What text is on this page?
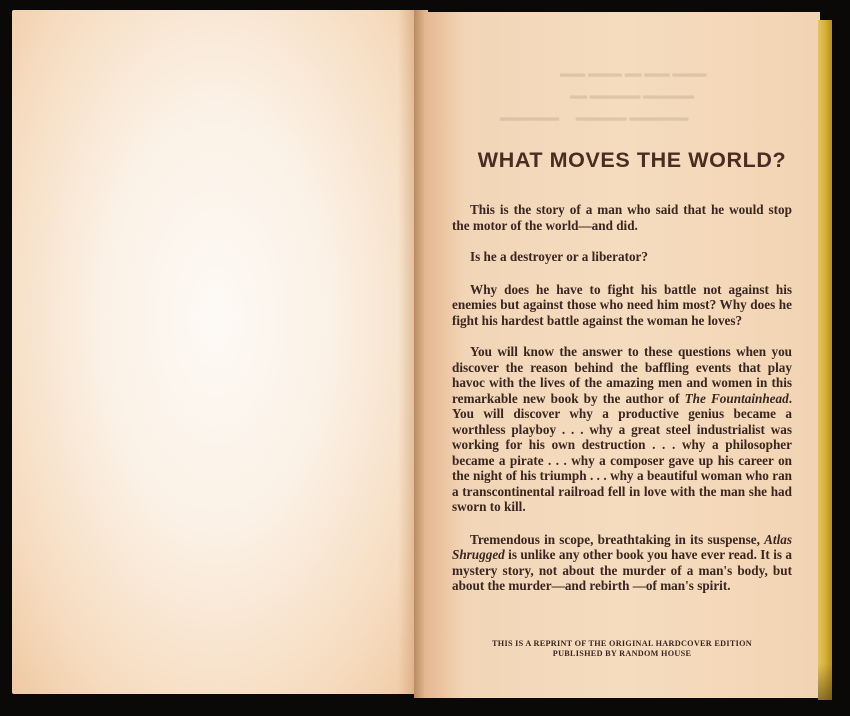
▂▂▂ ▂▂▂▂ ▂▂ ▂▂▂ ▂▂▂▂
▂▂ ▂▂▂▂▂▂ ▂▂▂▂▂▂
▂▂▂▂▂▂▂      ▂▂▂▂▂▂ ▂▂▂▂▂▂▂
WHAT MOVES THE WORLD?

This is the story of a man who said that he would stop the motor of the world—and did.

Is he a destroyer or a liberator?

Why does he have to fight his battle not against his enemies but against those who need him most? Why does he fight his hardest battle against the woman he loves?

You will know the answer to these questions when you discover the reason behind the baffling events that play havoc with the lives of the amazing men and women in this remarkable new book by the author of The Fountainhead. You will discover why a productive genius became a worthless playboy . . . why a great steel industrialist was working for his own destruction . . . why a philosopher became a pirate . . . why a composer gave up his career on the night of his triumph . . . why a beautiful woman who ran a transcontinental railroad fell in love with the man she had sworn to kill.

Tremendous in scope, breathtaking in its suspense, Atlas Shrugged is unlike any other book you have ever read. It is a mystery story, not about the murder of a man's body, but about the murder—and rebirth —of man's spirit.

THIS IS A REPRINT OF THE ORIGINAL HARDCOVER EDITION
PUBLISHED BY RANDOM HOUSE
